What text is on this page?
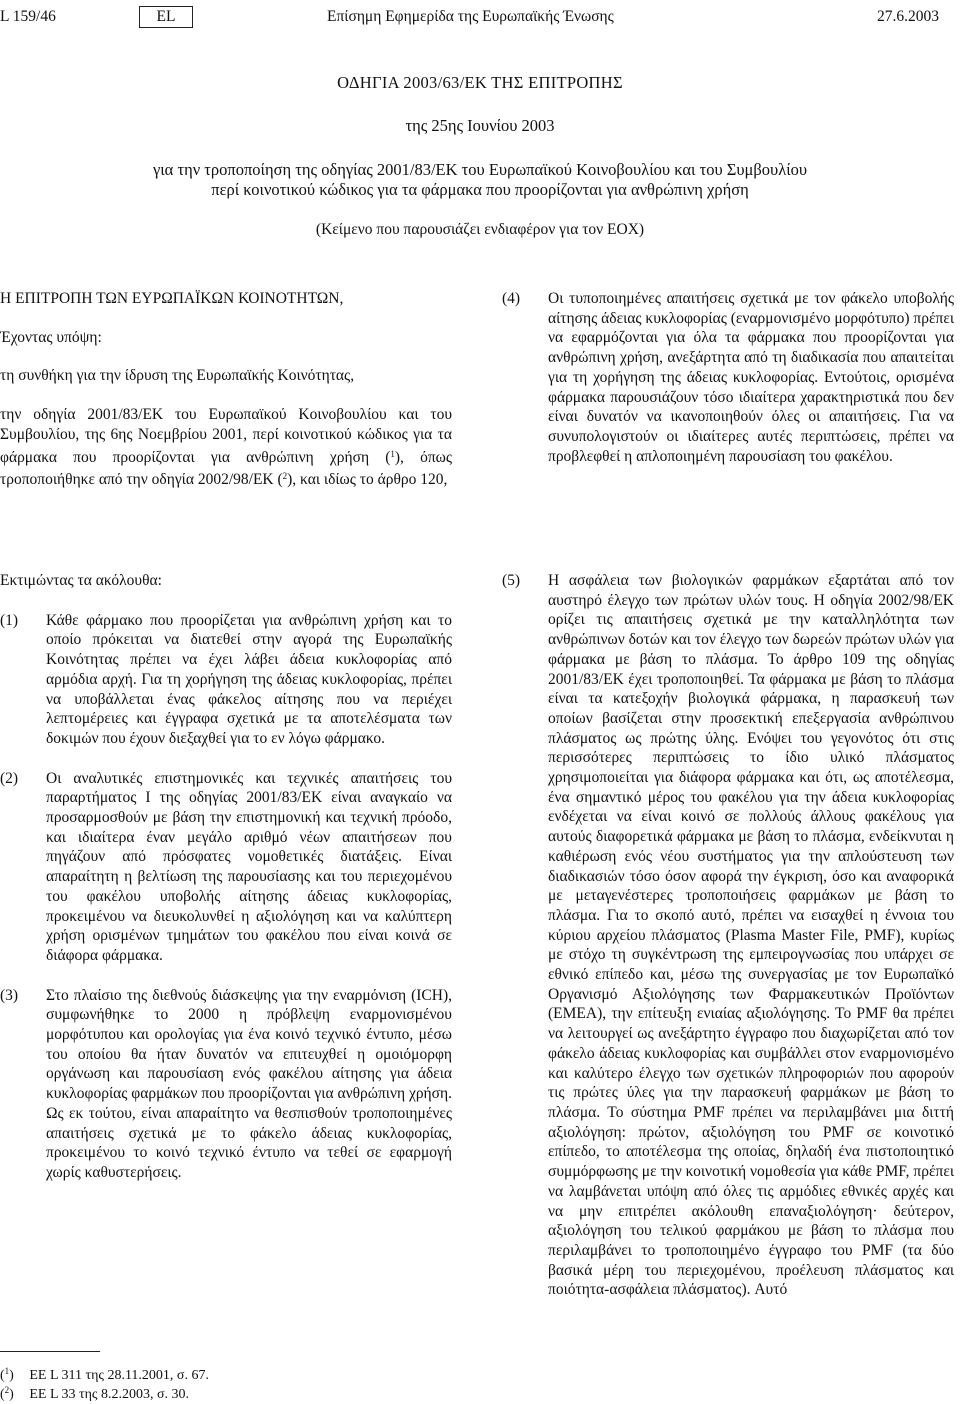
L 159/46	EL	Επίσημη Εφημερίδα της Ευρωπαϊκής Ένωσης	27.6.2003
ΟΔΗΓΙΑ 2003/63/ΕΚ ΤΗΣ ΕΠΙΤΡΟΠΗΣ
της 25ης Ιουνίου 2003
για την τροποποίηση της οδηγίας 2001/83/ΕΚ του Ευρωπαϊκού Κοινοβουλίου και του Συμβουλίου
περί κοινοτικού κώδικος για τα φάρμακα που προορίζονται για ανθρώπινη χρήση
(Κείμενο που παρουσιάζει ενδιαφέρον για τον ΕΟΧ)

Η ΕΠΙΤΡΟΠΗ ΤΩΝ ΕΥΡΩΠΑΪΚΩΝ ΚΟΙΝΟΤΗΤΩΝ,

Έχοντας υπόψη:

τη συνθήκη για την ίδρυση της Ευρωπαϊκής Κοινότητας,

την οδηγία 2001/83/ΕΚ του Ευρωπαϊκού Κοινοβουλίου και του Συμβουλίου, της 6ης Νοεμβρίου 2001, περί κοινοτικού κώδικος για τα φάρμακα που προορίζονται για ανθρώπινη χρήση ($^1$), όπως τροποποιήθηκε από την οδηγία 2002/98/ΕΚ ($^2$), και ιδίως το άρθρο 120,

(4) Οι τυποποιημένες απαιτήσεις σχετικά με τον φάκελο υποβολής αίτησης άδειας κυκλοφορίας (εναρμονισμένο μορφότυπο) πρέπει να εφαρμόζονται για όλα τα φάρμακα που προορίζονται για ανθρώπινη χρήση, ανεξάρτητα από τη διαδικασία που απαιτείται για τη χορήγηση της άδειας κυκλοφορίας. Εντούτοις, ορισμένα φάρμακα παρουσιάζουν τόσο ιδιαίτερα χαρακτηριστικά που δεν είναι δυνατόν να ικανοποιηθούν όλες οι απαιτήσεις. Για να συνυπολογιστούν οι ιδιαίτερες αυτές περιπτώσεις, πρέπει να προβλεφθεί η απλοποιημένη παρουσίαση του φακέλου.

Εκτιμώντας τα ακόλουθα:

(1) Κάθε φάρμακο που προορίζεται για ανθρώπινη χρήση και το οποίο πρόκειται να διατεθεί στην αγορά της Ευρωπαϊκής Κοινότητας πρέπει να έχει λάβει άδεια κυκλοφορίας από αρμόδια αρχή. Για τη χορήγηση της άδειας κυκλοφορίας, πρέπει να υποβάλλεται ένας φάκελος αίτησης που να περιέχει λεπτομέρειες και έγγραφα σχετικά με τα αποτελέσματα των δοκιμών που έχουν διεξαχθεί για το εν λόγω φάρμακο.

(2) Οι αναλυτικές επιστημονικές και τεχνικές απαιτήσεις του παραρτήματος I της οδηγίας 2001/83/ΕΚ είναι αναγκαίο να προσαρμοσθούν με βάση την επιστημονική και τεχνική πρόοδο, και ιδιαίτερα έναν μεγάλο αριθμό νέων απαιτήσεων που πηγάζουν από πρόσφατες νομοθετικές διατάξεις. Είναι απαραίτητη η βελτίωση της παρουσίασης και του περιεχομένου του φακέλου υποβολής αίτησης άδειας κυκλοφορίας, προκειμένου να διευκολυνθεί η αξιολόγηση και να καλύπτερη χρήση ορισμένων τμημάτων του φακέλου που είναι κοινά σε διάφορα φάρμακα.

(3) Στο πλαίσιο της διεθνούς διάσκεψης για την εναρμόνιση (ICH), συμφωνήθηκε το 2000 η πρόβλεψη εναρμονισμένου μορφότυπου και ορολογίας για ένα κοινό τεχνικό έντυπο, μέσω του οποίου θα ήταν δυνατόν να επιτευχθεί η ομοιόμορφη οργάνωση και παρουσίαση ενός φακέλου αίτησης για άδεια κυκλοφορίας φαρμάκων που προορίζονται για ανθρώπινη χρήση. Ως εκ τούτου, είναι απαραίτητο να θεσπισθούν τροποποιημένες απαιτήσεις σχετικά με το φάκελο άδειας κυκλοφορίας, προκειμένου το κοινό τεχνικό έντυπο να τεθεί σε εφαρμογή χωρίς καθυστερήσεις.

(5) Η ασφάλεια των βιολογικών φαρμάκων εξαρτάται από τον αυστηρό έλεγχο των πρώτων υλών τους. Η οδηγία 2002/98/ΕΚ ορίζει τις απαιτήσεις σχετικά με την καταλληλότητα των ανθρώπινων δοτών και τον έλεγχο των δωρεών πρώτων υλών για φάρμακα με βάση το πλάσμα. Το άρθρο 109 της οδηγίας 2001/83/ΕΚ έχει τροποποιηθεί. Τα φάρμακα με βάση το πλάσμα είναι τα κατεξοχήν βιολογικά φάρμακα, η παρασκευή των οποίων βασίζεται στην προσεκτική επεξεργασία ανθρώπινου πλάσματος ως πρώτης ύλης. Ενόψει του γεγονότος ότι στις περισσότερες περιπτώσεις το ίδιο υλικό πλάσματος χρησιμοποιείται για διάφορα φάρμακα και ότι, ως αποτέλεσμα, ένα σημαντικό μέρος του φακέλου για την άδεια κυκλοφορίας ενδέχεται να είναι κοινό σε πολλούς άλλους φακέλους για αυτούς διαφορετικά φάρμακα με βάση το πλάσμα, ενδείκνυται η καθιέρωση ενός νέου συστήματος για την απλούστευση των διαδικασιών τόσο όσον αφορά την έγκριση, όσο και αναφορικά με μεταγενέστερες τροποποιήσεις φαρμάκων με βάση το πλάσμα. Για το σκοπό αυτό, πρέπει να εισαχθεί η έννοια του κύριου αρχείου πλάσματος (Plasma Master File, PMF), κυρίως με στόχο τη συγκέντρωση της εμπειρογνωσίας που υπάρχει σε εθνικό επίπεδο και, μέσω της συνεργασίας με τον Ευρωπαϊκό Οργανισμό Αξιολόγησης των Φαρμακευτικών Προϊόντων (ΕΜΕΑ), την επίτευξη ενιαίας αξιολόγησης. Το PMF θα πρέπει να λειτουργεί ως ανεξάρτητο έγγραφο που διαχωρίζεται από τον φάκελο άδειας κυκλοφορίας και συμβάλλει στον εναρμονισμένο και καλύτερο έλεγχο των σχετικών πληροφοριών που αφορούν τις πρώτες ύλες για την παρασκευή φαρμάκων με βάση το πλάσμα. Το σύστημα PMF πρέπει να περιλαμβάνει μια διττή αξιολόγηση: πρώτον, αξιολόγηση του PMF σε κοινοτικό επίπεδο, το αποτέλεσμα της οποίας, δηλαδή ένα πιστοποιητικό συμμόρφωσης με την κοινοτική νομοθεσία για κάθε PMF, πρέπει να λαμβάνεται υπόψη από όλες τις αρμόδιες εθνικές αρχές και να μην επιτρέπει ακόλουθη επαναξιολόγηση· δεύτερον, αξιολόγηση του τελικού φαρμάκου με βάση το πλάσμα που περιλαμβάνει το τροποποιημένο έγγραφο του PMF (τα δύο βασικά μέρη του περιεχομένου, προέλευση πλάσματος και ποιότητα-ασφάλεια πλάσματος). Αυτό

($^1$) ΕΕ L 311 της 28.11.2001, σ. 67.
($^2$) ΕΕ L 33 της 8.2.2003, σ. 30.
